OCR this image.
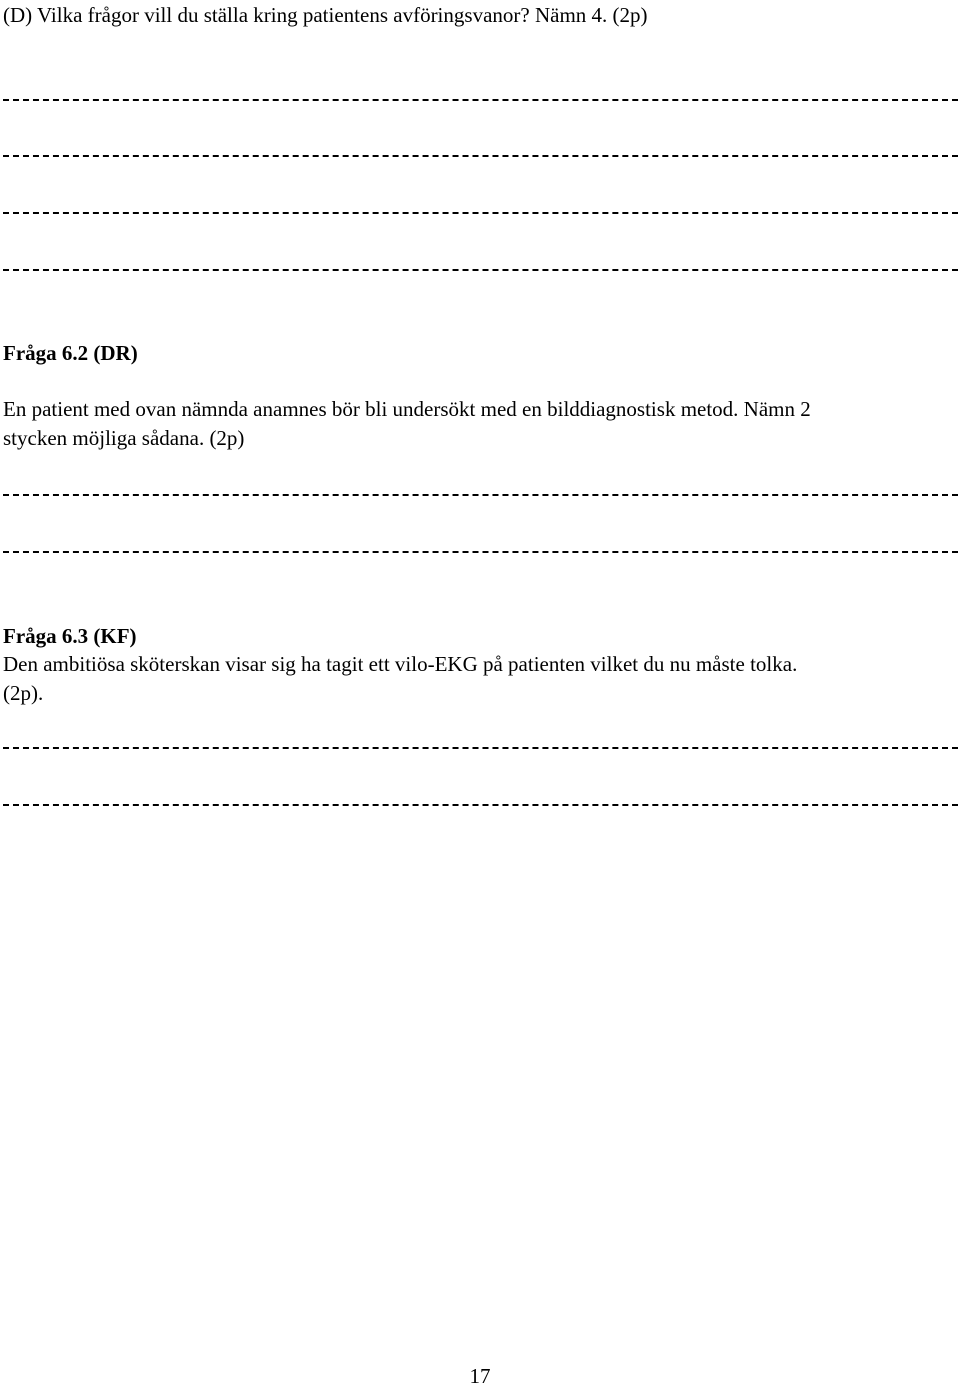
(D) Vilka frågor vill du ställa kring patientens avföringsvanor? Nämn 4. (2p)
Fråga 6.2 (DR)
En patient med ovan nämnda anamnes bör bli undersökt med en bilddiagnostisk metod. Nämn 2
stycken möjliga sådana. (2p)
Fråga 6.3 (KF)
Den ambitiösa sköterskan visar sig ha tagit ett vilo-EKG på patienten vilket du nu måste tolka.
(2p).
17
